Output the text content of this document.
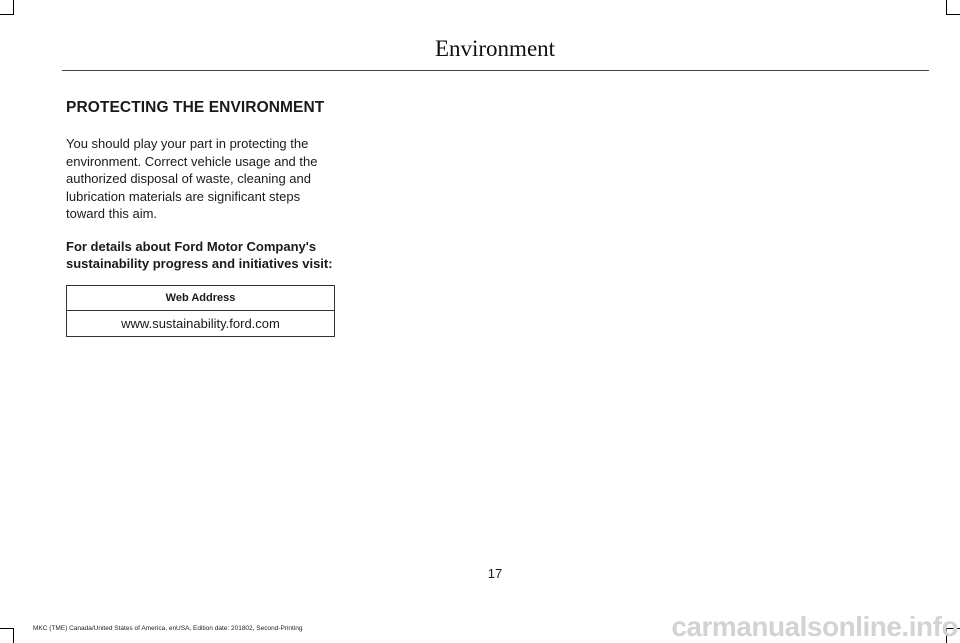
Environment
PROTECTING THE ENVIRONMENT

You should play your part in protecting the environment. Correct vehicle usage and the authorized disposal of waste, cleaning and lubrication materials are significant steps toward this aim.

For details about Ford Motor Company's sustainability progress and initiatives visit:

Web Address
www.sustainability.ford.com
17
MKC (TME) Canada/United States of America, enUSA, Edition date: 201802, Second-Printing	carmanualsonline.info
